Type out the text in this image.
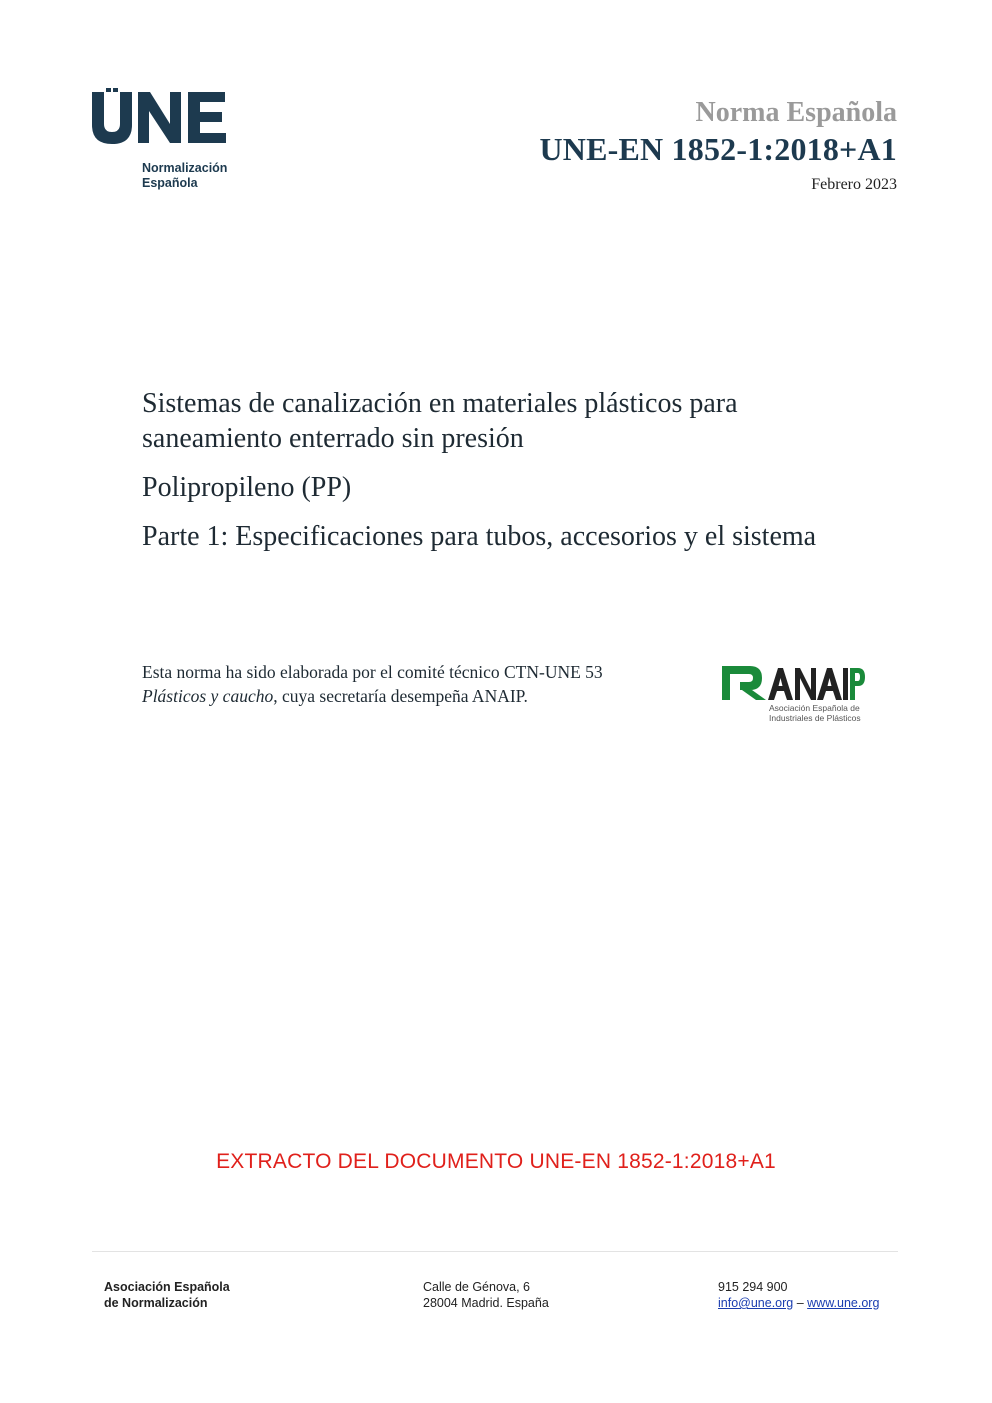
Normalización
Española
Norma Española
UNE-EN 1852-1:2018+A1
Febrero 2023

Sistemas de canalización en materiales plásticos para saneamiento enterrado sin presión

Polipropileno (PP)

Parte 1: Especificaciones para tubos, accesorios y el sistema

Esta norma ha sido elaborada por el comité técnico CTN-UNE 53 Plásticos y caucho, cuya secretaría desempeña ANAIP.
Asociación Española de
Industriales de Plásticos
EXTRACTO DEL DOCUMENTO UNE-EN 1852-1:2018+A1
Asociación Española
de Normalización
Calle de Génova, 6
28004 Madrid. España
915 294 900
info@une.org – www.une.org
